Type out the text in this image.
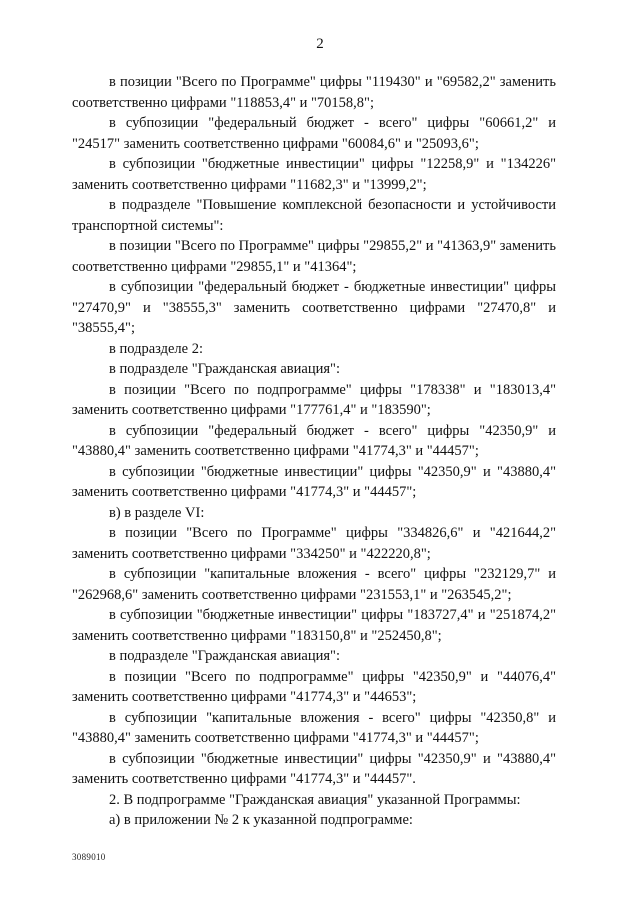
2

в позиции "Всего по Программе" цифры "119430" и "69582,2" заменить соответственно цифрами "118853,4" и "70158,8";

в субпозиции "федеральный бюджет - всего" цифры "60661,2" и "24517" заменить соответственно цифрами "60084,6" и "25093,6";

в субпозиции "бюджетные инвестиции" цифры "12258,9" и "134226" заменить соответственно цифрами "11682,3" и "13999,2";

в подразделе "Повышение комплексной безопасности и устойчивости транспортной системы":

в позиции "Всего по Программе" цифры "29855,2" и "41363,9" заменить соответственно цифрами "29855,1" и "41364";

в субпозиции "федеральный бюджет - бюджетные инвестиции" цифры "27470,9" и "38555,3" заменить соответственно цифрами "27470,8" и "38555,4";

в подразделе 2:

в подразделе "Гражданская авиация":

в позиции "Всего по подпрограмме" цифры "178338" и "183013,4" заменить соответственно цифрами "177761,4" и "183590";

в субпозиции "федеральный бюджет - всего" цифры "42350,9" и "43880,4" заменить соответственно цифрами "41774,3" и "44457";

в субпозиции "бюджетные инвестиции" цифры "42350,9" и "43880,4" заменить соответственно цифрами "41774,3" и "44457";

в) в разделе VI:

в позиции "Всего по Программе" цифры "334826,6" и "421644,2" заменить соответственно цифрами "334250" и "422220,8";

в субпозиции "капитальные вложения - всего" цифры "232129,7" и "262968,6" заменить соответственно цифрами "231553,1" и "263545,2";

в субпозиции "бюджетные инвестиции" цифры "183727,4" и "251874,2" заменить соответственно цифрами "183150,8" и "252450,8";

в подразделе "Гражданская авиация":

в позиции "Всего по подпрограмме" цифры "42350,9" и "44076,4" заменить соответственно цифрами "41774,3" и "44653";

в субпозиции "капитальные вложения - всего" цифры "42350,8" и "43880,4" заменить соответственно цифрами "41774,3" и "44457";

в субпозиции "бюджетные инвестиции" цифры "42350,9" и "43880,4" заменить соответственно цифрами "41774,3" и "44457".

2. В подпрограмме "Гражданская авиация" указанной Программы:

а) в приложении № 2 к указанной подпрограмме:

3089010
